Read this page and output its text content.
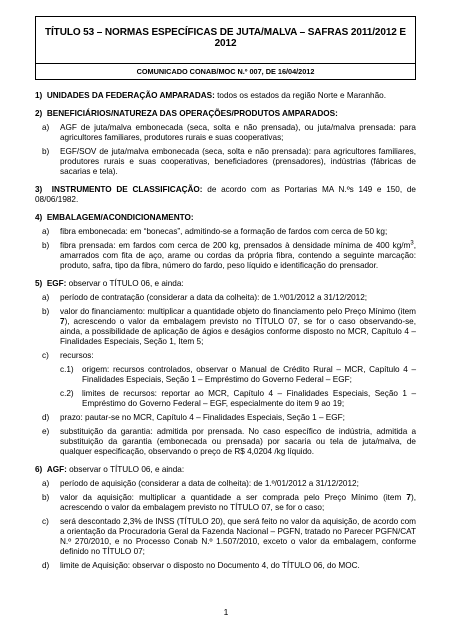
TÍTULO 53 – NORMAS ESPECÍFICAS DE JUTA/MALVA – SAFRAS 2011/2012 E 2012
COMUNICADO CONAB/MOC N.º 007, DE 16/04/2012

1) UNIDADES DA FEDERAÇÃO AMPARADAS: todos os estados da região Norte e Maranhão.

2) BENEFICIÁRIOS/NATUREZA DAS OPERAÇÕES/PRODUTOS AMPARADOS:

a)	AGF de juta/malva embonecada (seca, solta e não prensada), ou juta/malva prensada: para agricultores familiares, produtores rurais e suas cooperativas;
b)	EGF/SOV de juta/malva embonecada (seca, solta e não prensada): para agricultores familiares, produtores rurais e suas cooperativas, beneficiadores (prensadores), indústrias (fábricas de sacarias e tela).

3) INSTRUMENTO DE CLASSIFICAÇÃO: de acordo com as Portarias MA N.ºs 149 e 150, de 08/06/1982.

4) EMBALAGEM/ACONDICIONAMENTO:

a)	fibra embonecada: em “bonecas”, admitindo-se a formação de fardos com cerca de 50 kg;
b)	fibra prensada: em fardos com cerca de 200 kg, prensados à densidade mínima de 400 $kg/m^3$, amarrados com fita de aço, arame ou cordas da própria fibra, contendo a seguinte marcação: produto, safra, tipo da fibra, número do fardo, peso líquido e identificação do prensador.

5) EGF: observar o TÍTULO 06, e ainda:

a)	período de contratação (considerar a data da colheita): de 1.º/01/2012 a 31/12/2012;
b)	valor do financiamento: multiplicar a quantidade objeto do financiamento pelo Preço Mínimo (item 7), acrescendo o valor da embalagem previsto no TÍTULO 07, se for o caso observando-se, ainda, a possibilidade de aplicação de ágios e deságios conforme disposto no MCR, Capítulo 4 – Finalidades Especiais, Seção 1, Item 5;
c)	recursos:
c.1)	origem: recursos controlados, observar o Manual de Crédito Rural – MCR, Capítulo 4 – Finalidades Especiais, Seção 1 – Empréstimo do Governo Federal – EGF;
c.2)	limites de recursos: reportar ao MCR, Capítulo 4 – Finalidades Especiais, Seção 1 – Empréstimo do Governo Federal – EGF, especialmente do item 9 ao 19;
d)	prazo: pautar-se no MCR, Capítulo 4 – Finalidades Especiais, Seção 1 – EGF;
e)	substituição da garantia: admitida por prensada. No caso específico de indústria, admitida a substituição da garantia (embonecada ou prensada) por sacaria ou tela de juta/malva, de qualquer especificação, observando o preço de R$ 4,0204 /kg líquido.

6) AGF: observar o TÍTULO 06, e ainda:

a)	período de aquisição (considerar a data de colheita): de 1.º/01/2012 a 31/12/2012;
b)	valor da aquisição: multiplicar a quantidade a ser comprada pelo Preço Mínimo (item 7), acrescendo o valor da embalagem previsto no TÍTULO 07, se for o caso;
c)	será descontado 2,3% de INSS (TÍTULO 20), que será feito no valor da aquisição, de acordo com a orientação da Procuradoria Geral da Fazenda Nacional – PGFN, tratado no Parecer PGFN/CAT N.º 270/2010, e no Processo Conab N.º 1.507/2010, exceto o valor da embalagem, conforme definido no TÍTULO 07;
d)	limite de Aquisição: observar o disposto no Documento 4, do TÍTULO 06, do MOC.
1
